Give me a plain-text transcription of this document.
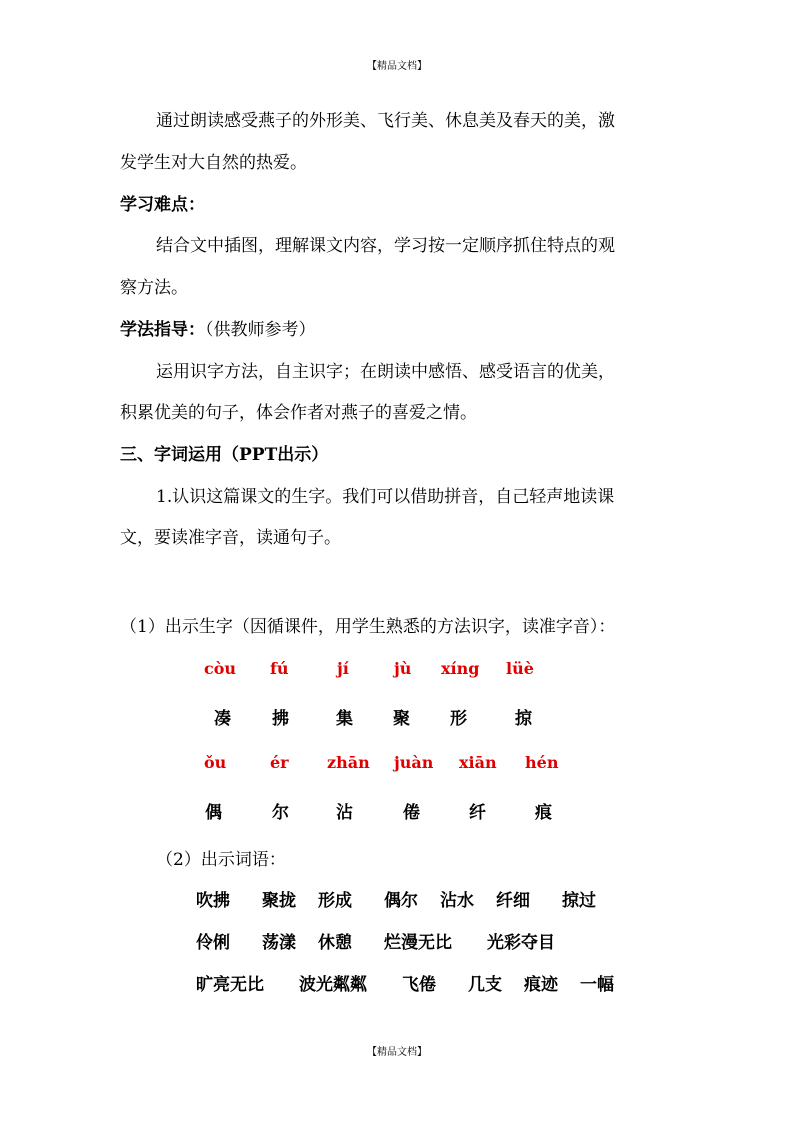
【精品文档】
通过朗读感受燕子的外形美、飞行美、休息美及春天的美，激
发学生对大自然的热爱。
学习难点：
结合文中插图，理解课文内容，学习按一定顺序抓住特点的观
察方法。
学法指导：（供教师参考）
运用识字方法，自主识字；在朗读中感悟、感受语言的优美，
积累优美的句子，体会作者对燕子的喜爱之情。
三、字词运用（PPT出示）
1.认识这篇课文的生字。我们可以借助拼音，自己轻声地读课
文，要读准字音，读通句子。
（1）出示生字（因循课件，用学生熟悉的方法识字，读准字音）：
còu fú	jí	jù xíng lüè
凑 拂	集 聚 形	掠
ǒu	ér zhān juàn xiān hén
偶	尔	沾	倦	纤	痕
（2）出示词语：
吹拂 聚拢 形成 偶尔 沾水 纤细 掠过
伶俐 荡漾 休憩 烂漫无比 光彩夺目
旷亮无比 波光粼粼 飞倦 几支 痕迹 一幅
【精品文档】
